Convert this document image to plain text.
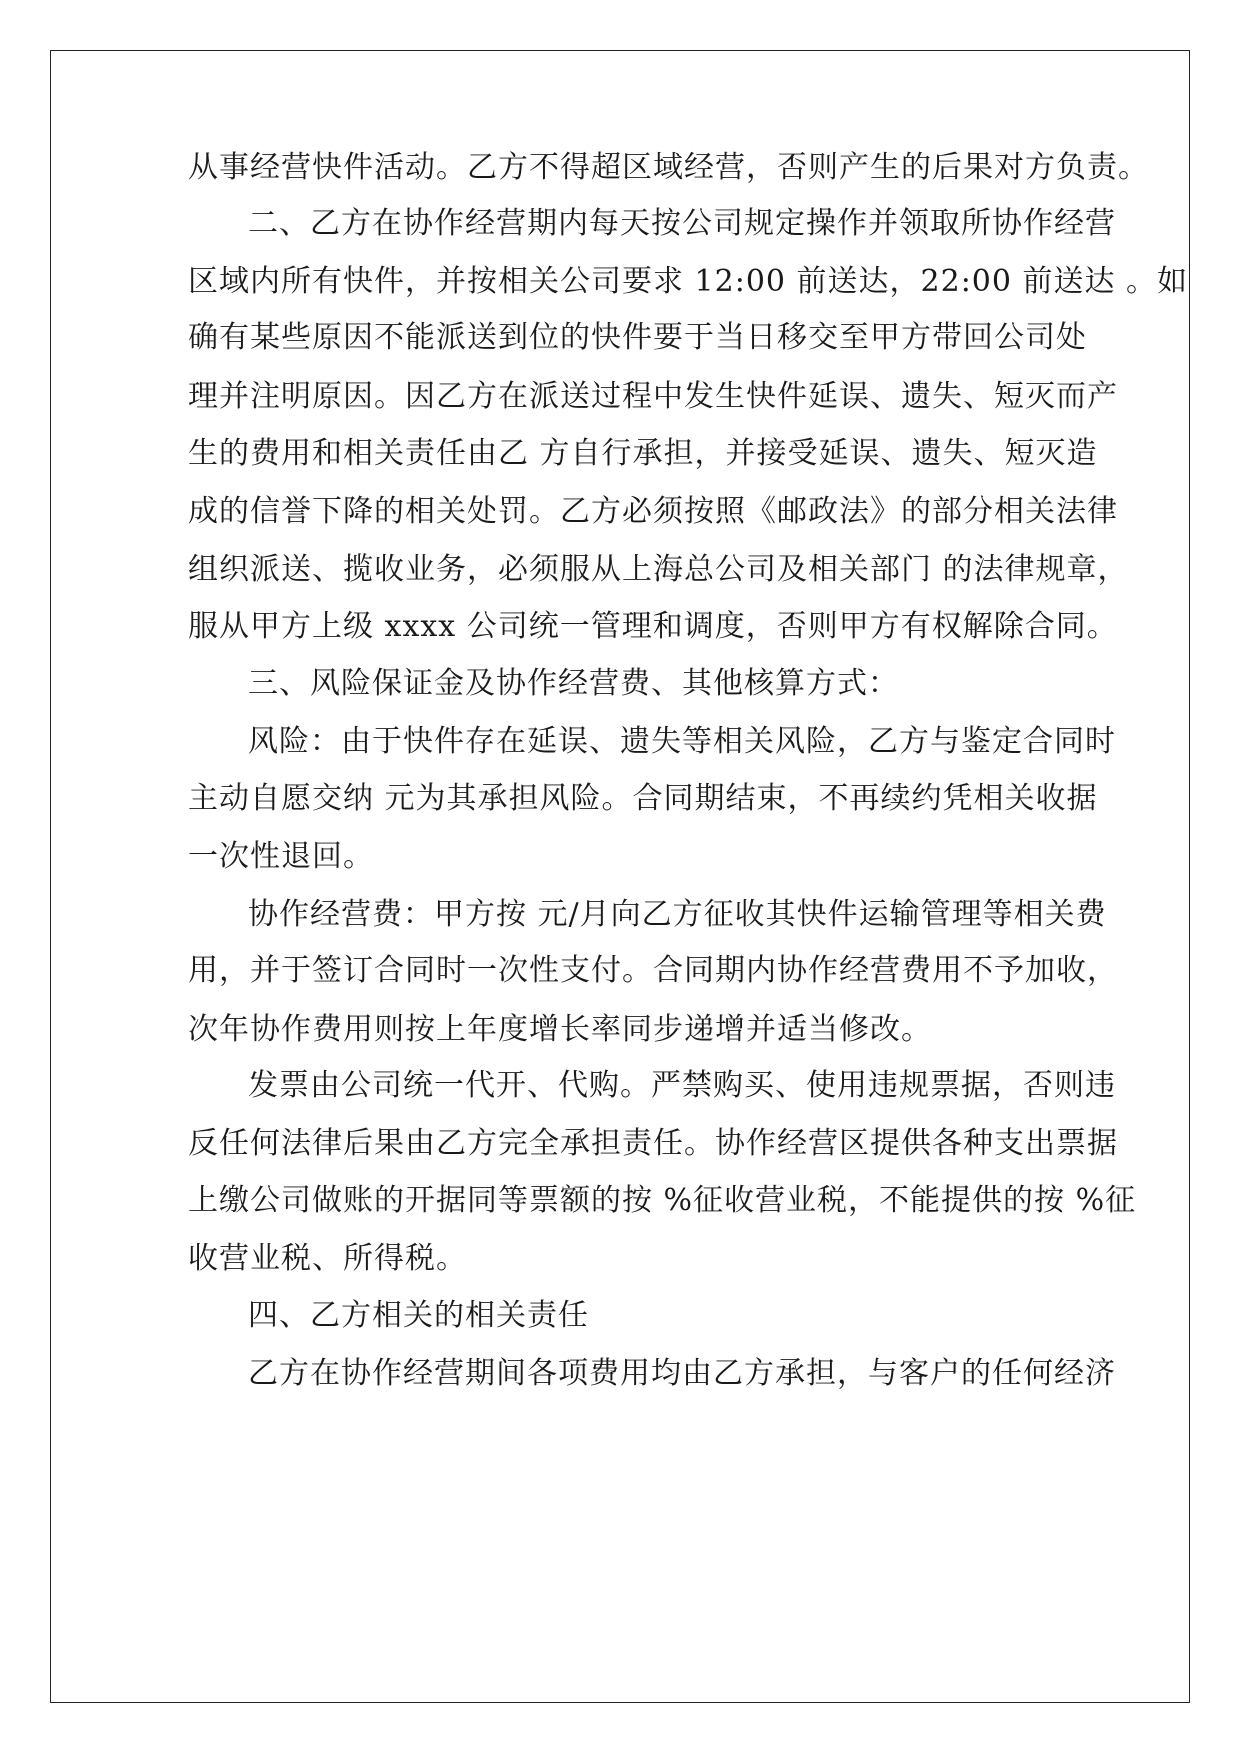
从事经营快件活动。乙方不得超区域经营，否则产生的后果对方负责。
二、乙方在协作经营期内每天按公司规定操作并领取所协作经营
区域内所有快件，并按相关公司要求 12:00 前送达，22:00 前送达 。如
确有某些原因不能派送到位的快件要于当日移交至甲方带回公司处
理并注明原因。因乙方在派送过程中发生快件延误、遗失、短灭而产
生的费用和相关责任由乙 方自行承担，并接受延误、遗失、短灭造
成的信誉下降的相关处罚。乙方必须按照《邮政法》的部分相关法律
组织派送、揽收业务，必须服从上海总公司及相关部门 的法律规章，
服从甲方上级 xxxx 公司统一管理和调度，否则甲方有权解除合同。
三、风险保证金及协作经营费、其他核算方式：
风险：由于快件存在延误、遗失等相关风险，乙方与鉴定合同时
主动自愿交纳 元为其承担风险。合同期结束，不再续约凭相关收据
一次性退回。
协作经营费：甲方按 元/月向乙方征收其快件运输管理等相关费
用，并于签订合同时一次性支付。合同期内协作经营费用不予加收，
次年协作费用则按上年度增长率同步递增并适当修改。
发票由公司统一代开、代购。严禁购买、使用违规票据，否则违
反任何法律后果由乙方完全承担责任。协作经营区提供各种支出票据
上缴公司做账的开据同等票额的按 %征收营业税，不能提供的按 %征
收营业税、所得税。
四、乙方相关的相关责任
乙方在协作经营期间各项费用均由乙方承担，与客户的任何经济
